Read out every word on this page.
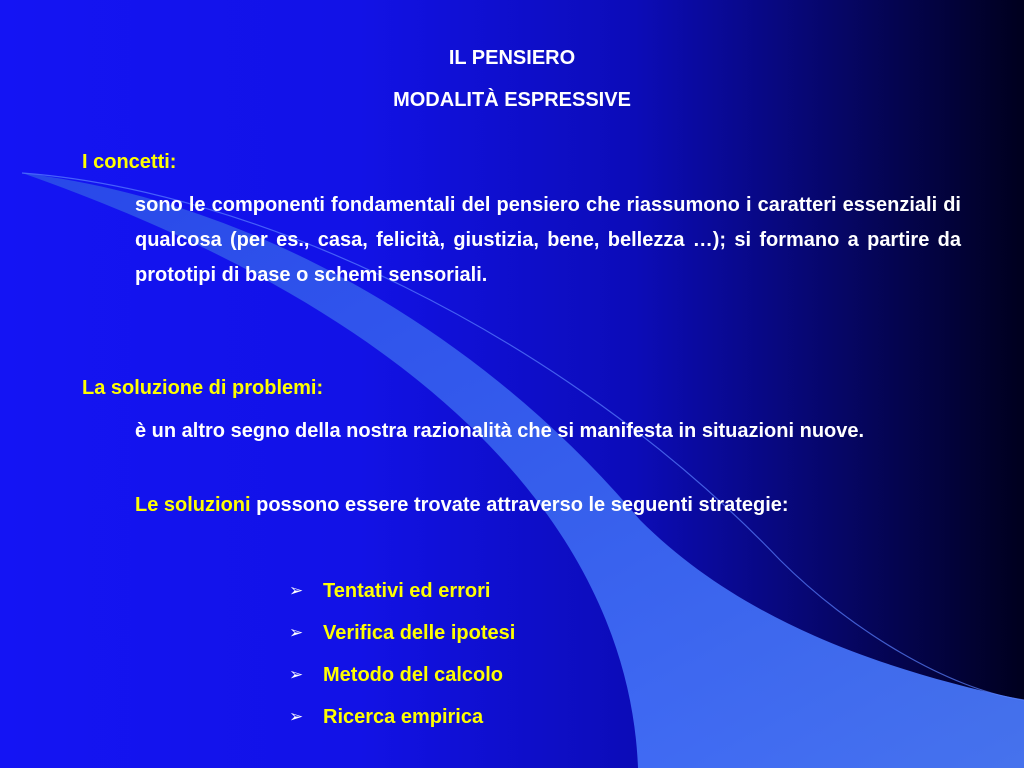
IL PENSIERO
MODALITÀ ESPRESSIVE
I concetti:
sono le componenti fondamentali del pensiero che riassumono i caratteri essenziali di qualcosa (per es., casa, felicità, giustizia, bene, bellezza …); si formano a partire da prototipi di base o schemi sensoriali.
La soluzione di problemi:
è un altro segno della nostra razionalità che si manifesta in situazioni nuove.
Le soluzioni possono essere trovate attraverso le seguenti strategie:
➢ Tentativi ed errori
➢ Verifica delle ipotesi
➢ Metodo del calcolo
➢ Ricerca empirica
